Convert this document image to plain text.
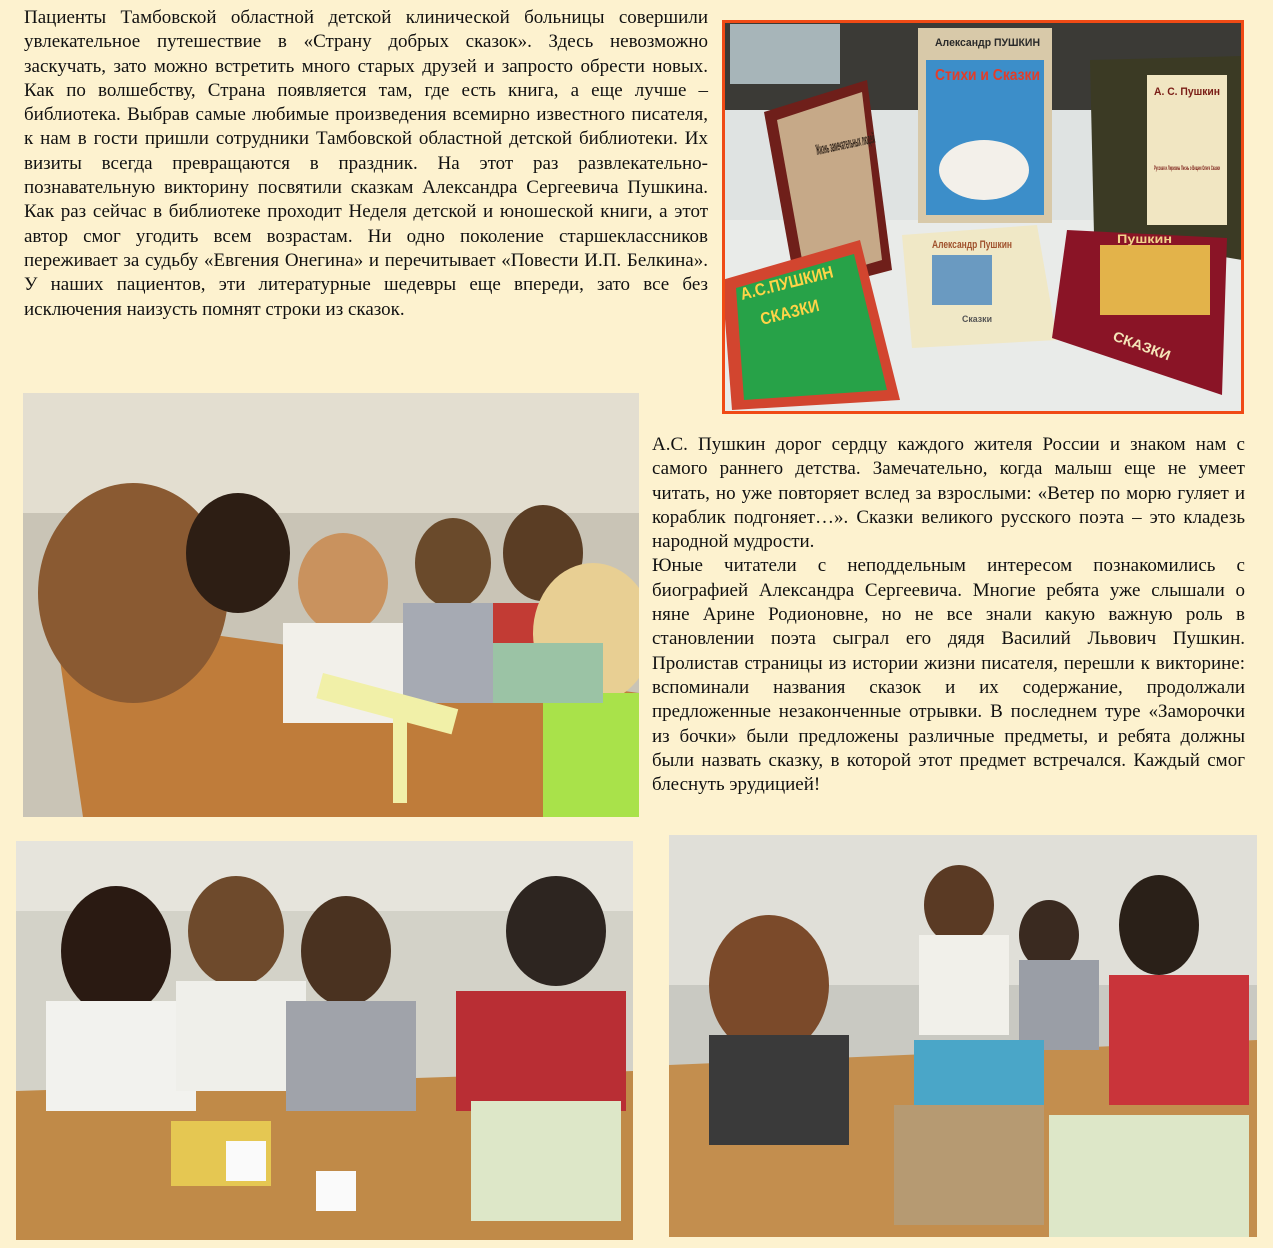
Пациенты Тамбовской областной детской клинической больницы совершили увлекательное путешествие в «Страну добрых сказок». Здесь невозможно заскучать, зато можно встретить много старых друзей и запросто обрести новых. Как по волшебству, Страна появляется там, где есть книга, а еще лучше – библиотека. Выбрав самые любимые произведения всемирно известного писателя, к нам в гости пришли сотрудники Тамбовской областной детской библиотеки. Их визиты всегда превращаются в праздник. На этот раз развлекательно-познавательную викторину посвятили сказкам Александра Сергеевича Пушкина. Как раз сейчас в библиотеке проходит Неделя детской и юношеской книги, а этот автор смог угодить всем возрастам. Ни одно поколение старшеклассников переживает за судьбу «Евгения Онегина» и перечитывает «Повести И.П. Белкина». У наших пациентов, эти литературные шедевры еще впереди, зато все без исключения наизусть помнят строки из сказок.

Александр ПУШКИН
Стихи и Сказки
А. С. Пушкин
Русская и Лиризмы Песнь о Вещем Олеге Сказки
А.С.ПУШКИН
СКАЗКИ
Александр Пушкин
Сказки
Пушкин
СКАЗКИ

А.С. Пушкин дорог сердцу каждого жителя России и знаком нам с самого раннего детства. Замечательно, когда малыш еще не умеет читать, но уже повторяет вслед за взрослыми: «Ветер по морю гуляет и кораблик подгоняет…». Сказки великого русского поэта – это кладезь народной мудрости.
Юные читатели с неподдельным интересом познакомились с биографией Александра Сергеевича. Многие ребята уже слышали о няне Арине Родионовне, но не все знали какую важную роль в становлении поэта сыграл его дядя Василий Львович Пушкин. Пролистав страницы из истории жизни писателя, перешли к викторине: вспоминали названия сказок и их содержание, продолжали предложенные незаконченные отрывки. В последнем туре «Заморочки из бочки» были предложены различные предметы, и ребята должны были назвать сказку, в которой этот предмет встречался. Каждый смог блеснуть эрудицией!
